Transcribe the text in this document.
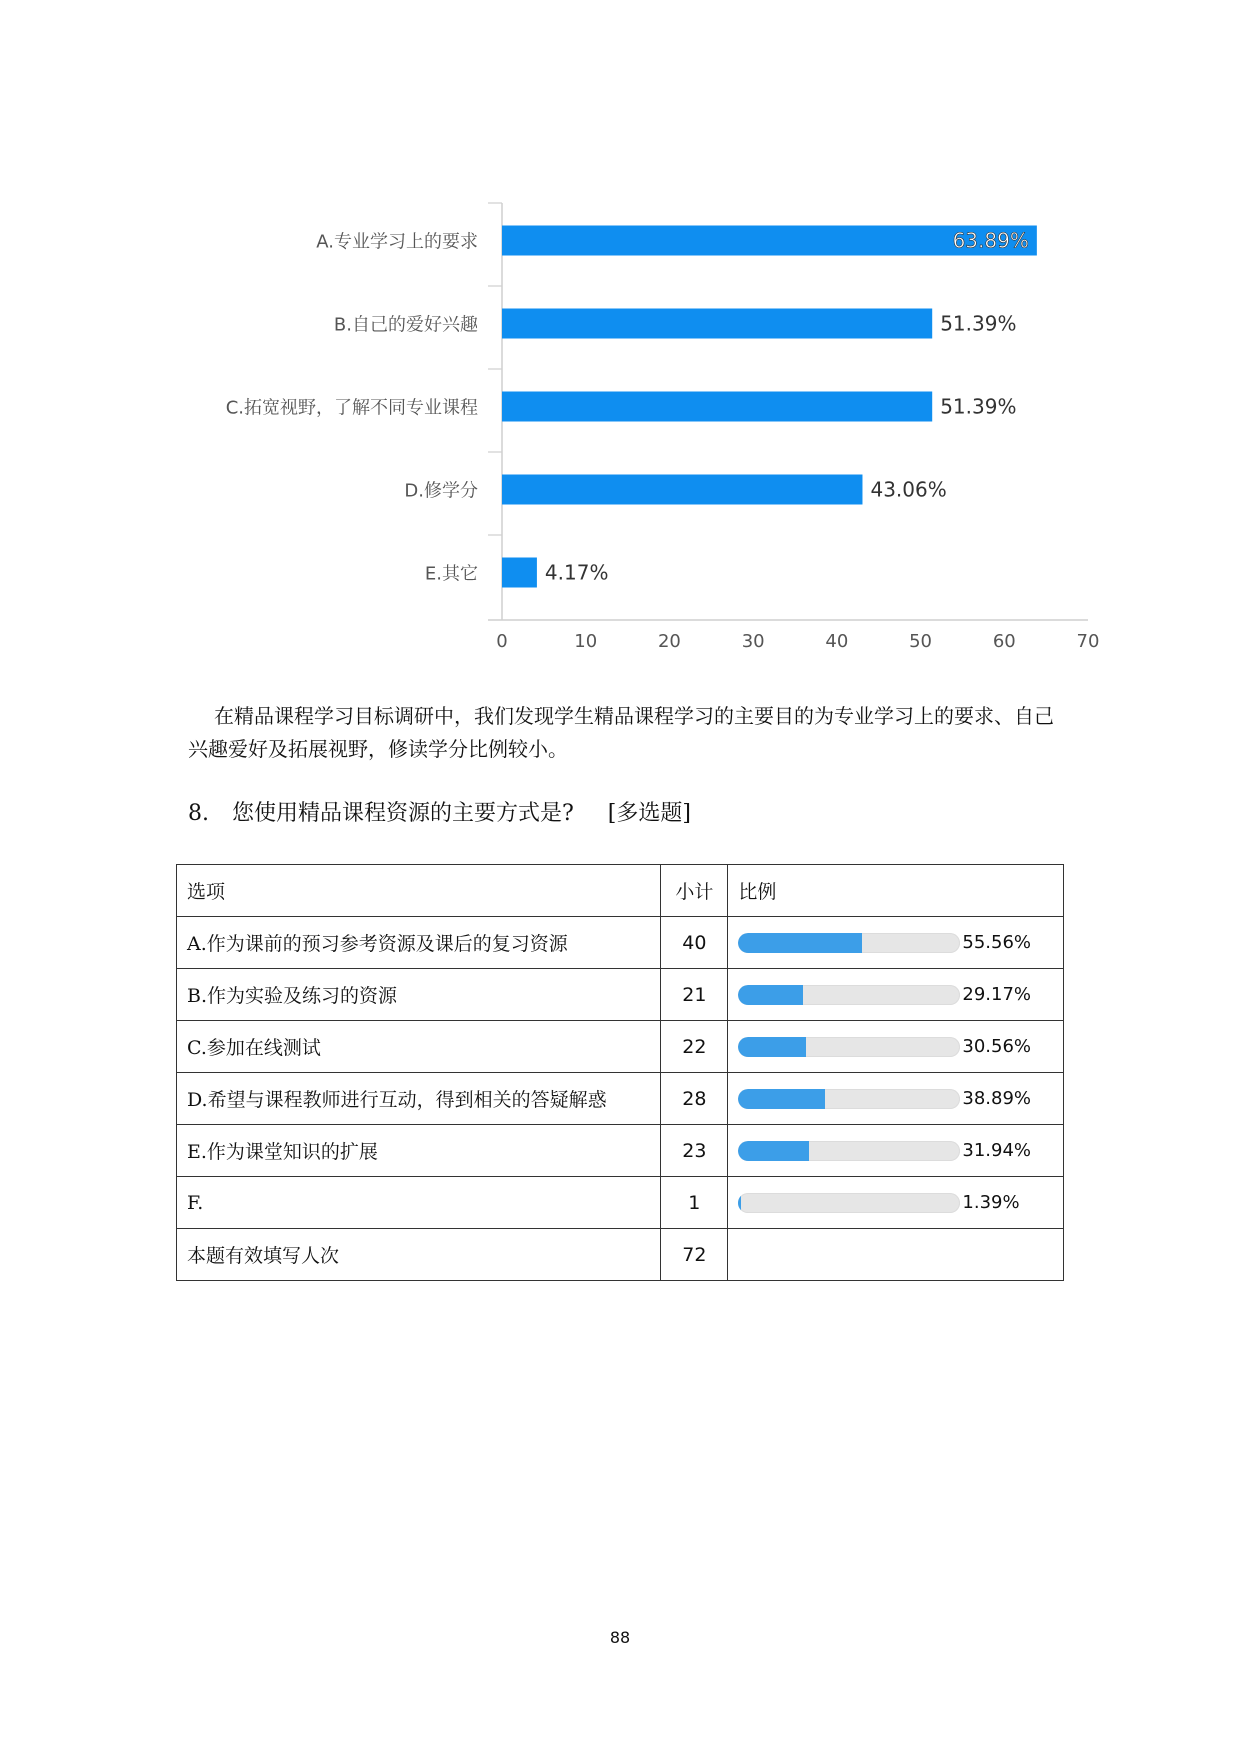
A.专业学习上的要求	63.89%
B.自己的爱好兴趣	51.39%
C.拓宽视野，了解不同专业课程	51.39%
D.修学分	43.06%
E.其它	4.17%
0	10	20	30	40	50	60	70
在精品课程学习目标调研中，我们发现学生精品课程学习的主要目的为专业学习上的要求、自己兴趣爱好及拓展视野，修读学分比例较小。
8. 您使用精品课程资源的主要方式是? [多选题]
选项	小计	比例
A.作为课前的预习参考资源及课后的复习资源	40	55.56%

B.作为实验及练习的资源	21	29.17%

C.参加在线测试	22	30.56%

D.希望与课程教师进行互动，得到相关的答疑解惑	28	38.89%

E.作为课堂知识的扩展	23	31.94%

F.	1	1.39%

本题有效填写人次	72	
88
